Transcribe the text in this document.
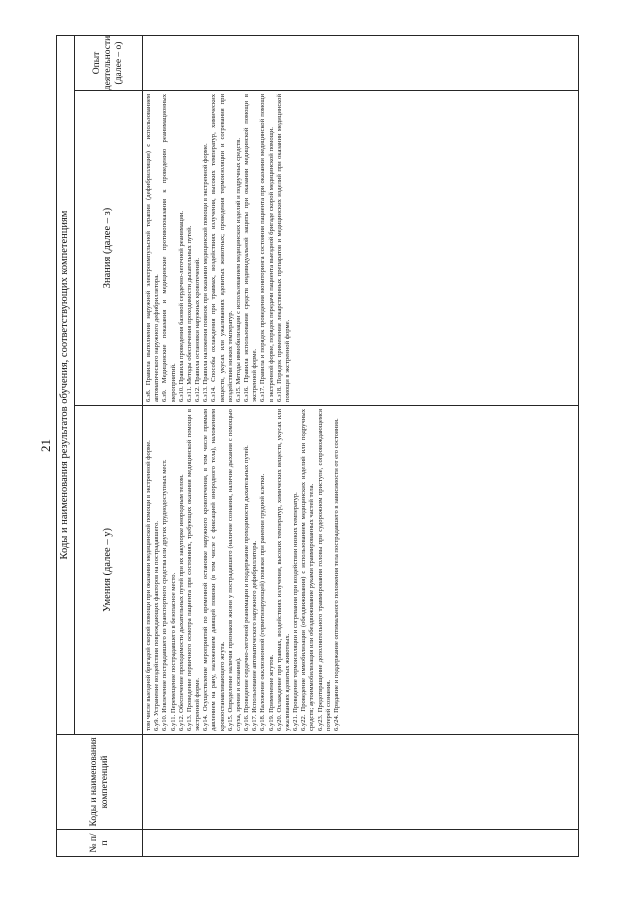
21
№ п/п
Коды и наименования компетенций
Коды и наименования результатов обучения, соответствующих компетенциям	Знания (далее – з)
Умения (далее – у)
Опыт деятельности (далее – о)

6.з8. Правила выполнения наружной электроимпульсной терапии (дефибрилляции) с использованием автоматического наружного дефибриллятора. 6.з9. Медицинские показания и медицинские противопоказания к проведению реанимационных мероприятий. 6.з10. Правила проведения базовой сердечно-легочной реанимации. 6.з11. Методы обеспечения проходимости дыхательных путей. 6.з12. Правила остановки наружных кровотечений. 6.з13. Правила наложения повязок при оказании медицинской помощи в экстренной форме. 6.з14. Способы охлаждения при травмах, воздействиях излучения, высоких температур, химических веществ, укусах или ужаливаниях ядовитых животных; проведения термоизоляции и согревания при воздействии низких температур. 6.з15. Методы иммобилизации с использованием медицинских изделий и подручных средств. 6.з16. Правила использования средств индивидуальной защиты при оказании медицинской помощи в экстренной форме. 6.з17. Правила и порядок проведения мониторинга состояния пациента при оказании медицинской помощи в экстренной форме, порядок передачи пациента выездной бригаде скорой медицинской помощи. 6.з18. Порядок применения лекарственных препаратов и медицинских изделий при оказании медицинской помощи в экстренной форме.

том числе выездной бригадой скорой помощи при оказании медицинской помощи в экстренной форме. 6.у9. Устранение воздействия повреждающих факторов на пострадавшего. 6.у10. Извлечение пострадавшего из транспортного средства или других труднодоступных мест. 6.у11. Перемещение пострадавшего в безопасное место. 6.у12. Обеспечение проходимости дыхательных путей при их закупорке инородным телом. 6.у13. Проведение первичного осмотра пациента при состояниях, требующих оказания медицинской помощи в экстренной форме. 6.у14. Осуществление мероприятий по временной остановке наружного кровотечения, в том числе прямым давлением на рану, наложением давящей повязки (в том числе с фиксацией инородного тела), наложением кровоостанавливающего жгута. 6.у15. Определение наличия признаков жизни у пострадавшего (наличие сознания, наличие дыхания с помощью слуха, зрения и осязания). 6.у16. Проведение сердечно-легочной реанимации и поддержание проходимости дыхательных путей. 6.у17. Использование автоматического наружного дефибриллятора. 6.у18. Наложение окклюзионной (герметизирующей) повязки при ранении грудной клетки. 6.у19. Применение жгутов. 6.у20. Охлаждение при травмах, воздействиях излучения, высоких температур, химических веществ, укусах или ужаливаниях ядовитых животных. 6.у21. Проведение термоизоляции и согревания при воздействии низких температур. 6.у22. Проведение иммобилизации (обездвиживания) с использованием медицинских изделий или подручных средств; аутоиммобилизация или обездвиживание руками травмированных частей тела. 6.у23. Предотвращение дополнительного травмирования головы при судорожном приступе, сопровождающемся потерей сознания. 6.у24. Придание и поддержание оптимального положения тела пострадавшего в зависимости от его состояния.
